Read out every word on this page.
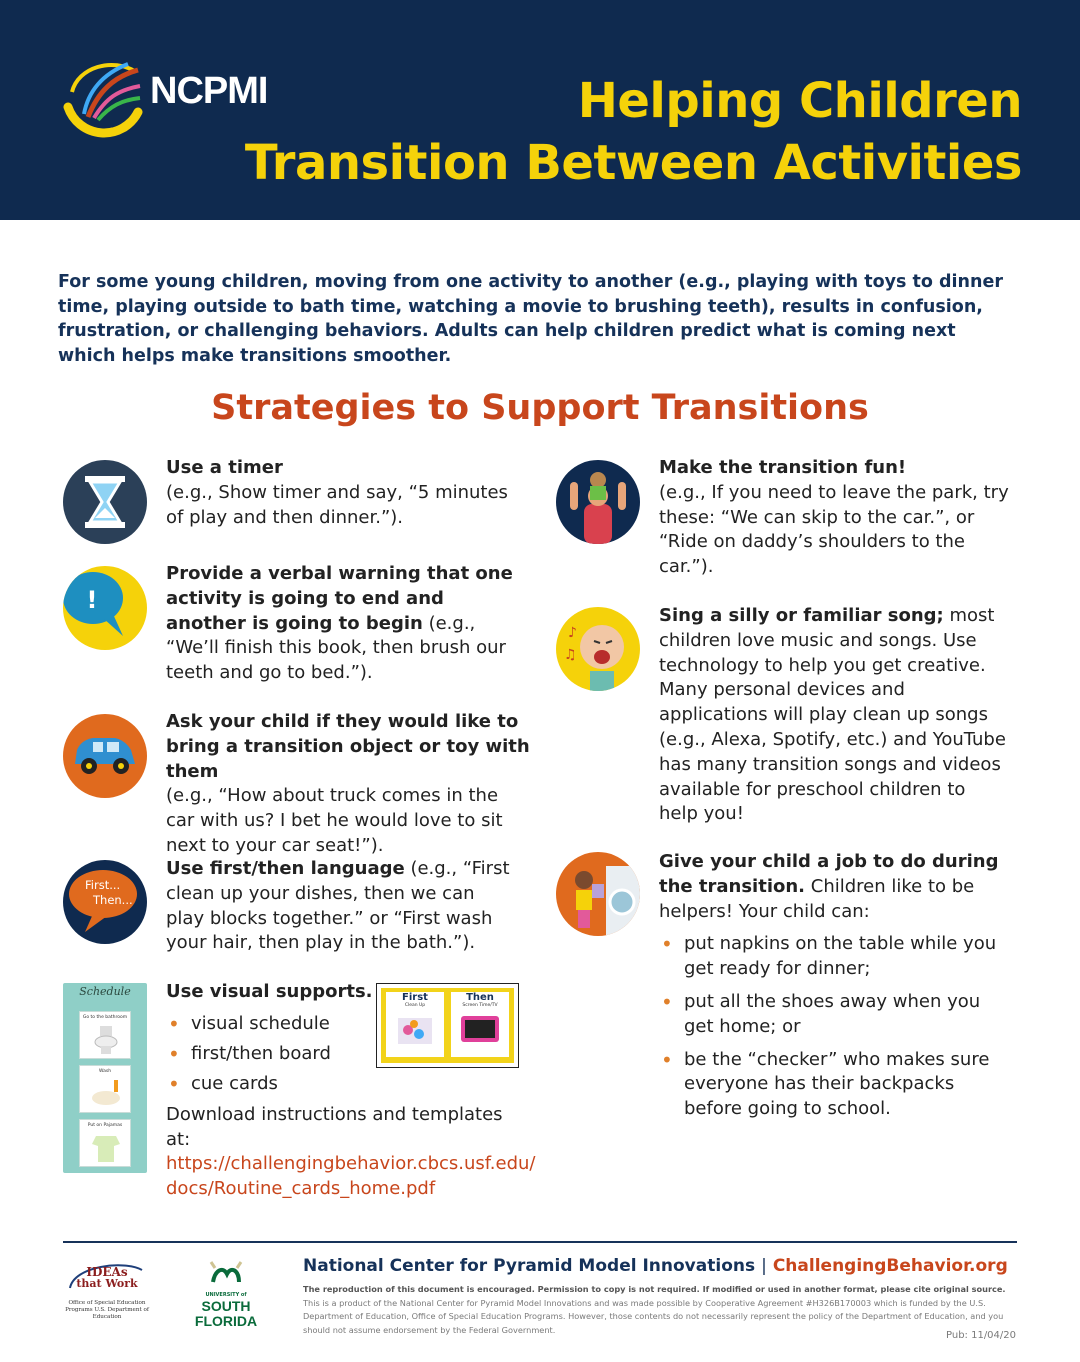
NCPMI	Helping Children
Transition Between Activities

For some young children, moving from one activity to another (e.g., playing with toys to dinner time, playing outside to bath time, watching a movie to brushing teeth), results in confusion, frustration, or challenging behaviors. Adults can help children predict what is coming next which helps make transitions smoother.

Strategies to Support Transitions
Use a timer
(e.g., Show timer and say, “5 minutes of play and then dinner.”).
!
Provide a verbal warning that one activity is going to end and another is going to begin (e.g., “We’ll finish this book, then brush our teeth and go to bed.”).
Ask your child if they would like to bring a transition object or toy with them
(e.g., “How about truck comes in the car with us? I bet he would love to sit next to your car seat!”).
First...
Then...
Use first/then language (e.g., “First clean up your dishes, then we can play blocks together.” or “First wash your hair, then play in the bath.”).
Schedule
Go to the bathroom
Wash
Put on Pajamas
Use visual supports.
• visual schedule
• first/then board
• cue cards
Download instructions and templates at:
https://challengingbehavior.cbcs.usf.edu/
docs/Routine_cards_home.pdf
First
Clean Up
Then
Screen Time/TV
Make the transition fun!
(e.g., If you need to leave the park, try these: “We can skip to the car.”, or “Ride on daddy’s shoulders to the car.”).
♪
♫
Sing a silly or familiar song; most children love music and songs. Use technology to help you get creative. Many personal devices and applications will play clean up songs (e.g., Alexa, Spotify, etc.) and YouTube has many transition songs and videos available for preschool children to help you!
Give your child a job to do during the transition. Children like to be helpers! Your child can:
• put napkins on the table while you get ready for dinner;
• put all the shoes away when you get home; or
• be the “checker” who makes sure everyone has their backpacks before going to school.
IDEAs
that Work
Office of Special Education Programs U.S. Department of Education
UNIVERSITY of
SOUTH
FLORIDA
National Center for Pyramid Model Innovations | ChallengingBehavior.org
The reproduction of this document is encouraged. Permission to copy is not required. If modified or used in another format, please cite original source. This is a product of the National Center for Pyramid Model Innovations and was made possible by Cooperative Agreement #H326B170003 which is funded by the U.S. Department of Education, Office of Special Education Programs. However, those contents do not necessarily represent the policy of the Department of Education, and you should not assume endorsement by the Federal Government.
Pub: 11/04/20
